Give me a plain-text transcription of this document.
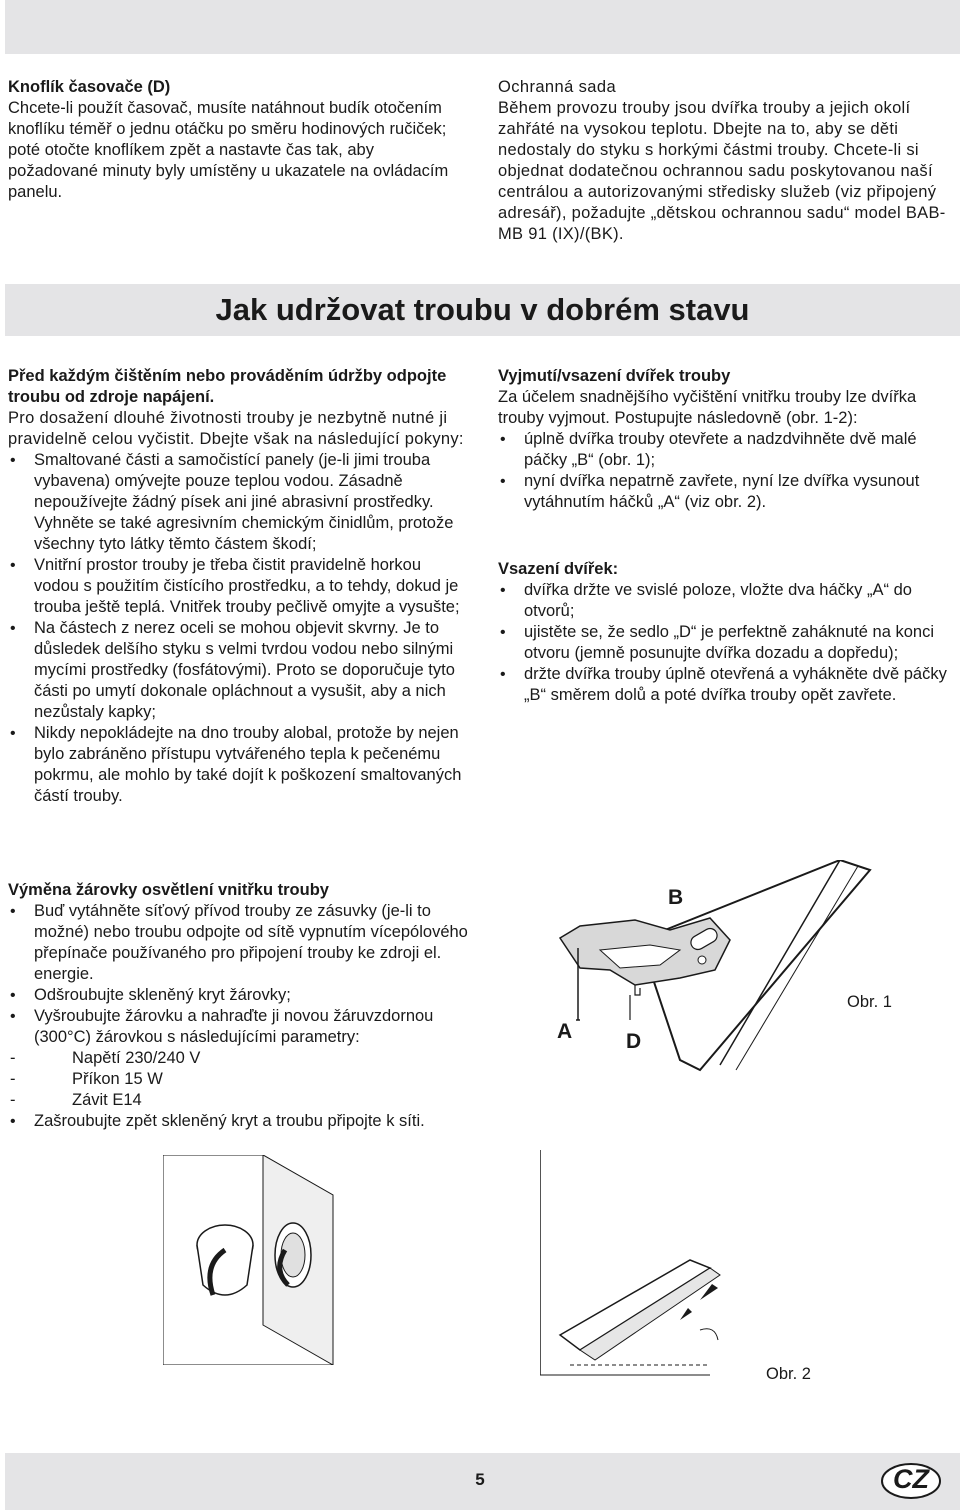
Knoflík časovače (D)

Chcete-li použít časovač, musíte natáhnout budík otočením knoflíku téměř o jednu otáčku po směru hodinových ručiček; poté otočte knoflíkem zpět a nastavte čas tak, aby požadované minuty byly umístěny u ukazatele na ovládacím panelu.

Ochranná sada

Během provozu trouby jsou dvířka trouby a jejich okolí zahřáté na vysokou teplotu. Dbejte na to, aby se děti nedostaly do styku s horkými částmi trouby. Chcete-li si objednat dodatečnou ochrannou sadu poskytovanou naší centrálou a autorizovanými středisky služeb (viz připojený adresář), požadujte „dětskou ochrannou sadu“ model BAB-MB 91 (IX)/(BK).

Jak udržovat troubu v dobrém stavu

Před každým čištěním nebo prováděním údržby odpojte troubu od zdroje napájení.

Pro dosažení dlouhé životnosti trouby je nezbytně nutné ji pravidelně celou vyčistit. Dbejte však na následující pokyny:

• Smaltované části a samočistící panely (je-li jimi trouba vybavena) omývejte pouze teplou vodou. Zásadně nepoužívejte žádný písek ani jiné abrasivní prostředky. Vyhněte se také agresivním chemickým činidlům, protože všechny tyto látky těmto částem škodí;
• Vnitřní prostor trouby je třeba čistit pravidelně horkou vodou s použitím čistícího prostředku, a to tehdy, dokud je trouba ještě teplá. Vnitřek trouby pečlivě omyjte a vysušte;
• Na částech z nerez oceli se mohou objevit skvrny. Je to důsledek delšího styku s velmi tvrdou vodou nebo silnými mycími prostředky (fosfátovými). Proto se doporučuje tyto části po umytí dokonale opláchnout a vysušit, aby a nich nezůstaly kapky;
• Nikdy nepokládejte na dno trouby alobal, protože by nejen bylo zabráněno přístupu vytvářeného tepla k pečenému pokrmu, ale mohlo by také dojít k poškození smaltovaných částí trouby.

Vyjmutí/vsazení dvířek trouby

Za účelem snadnějšího vyčištění vnitřku trouby lze dvířka trouby vyjmout. Postupujte následovně (obr. 1-2):

• úplně dvířka trouby otevřete a nadzdvihněte dvě malé páčky „B“ (obr. 1);
• nyní dvířka nepatrně zavřete, nyní lze dvířka vysunout vytáhnutím háčků „A“ (viz obr. 2).

Vsazení dvířek:

• dvířka držte ve svislé poloze, vložte dva háčky „A“ do otvorů;
• ujistěte se, že sedlo „D“ je perfektně zaháknuté na konci otvoru (jemně posunujte dvířka dozadu a dopředu);
• držte dvířka trouby úplně otevřená a vyhákněte dvě páčky „B“ směrem dolů a poté dvířka trouby opět zavřete.

Výměna žárovky osvětlení vnitřku trouby

• Buď vytáhněte síťový přívod trouby ze zásuvky (je-li to možné) nebo troubu odpojte od sítě vypnutím vícepólového přepínače používaného pro připojení trouby ke zdroji el. energie.
• Odšroubujte skleněný kryt žárovky;
• Vyšroubujte žárovku a nahraďte ji novou žáruvzdornou (300°C) žárovkou s následujícími parametry:
- Napětí 230/240 V
- Příkon 15 W
- Závit E14
• Zašroubujte zpět skleněný kryt a troubu připojte k síti.
B
A	D
Obr. 1
Obr. 2
5	CZ
